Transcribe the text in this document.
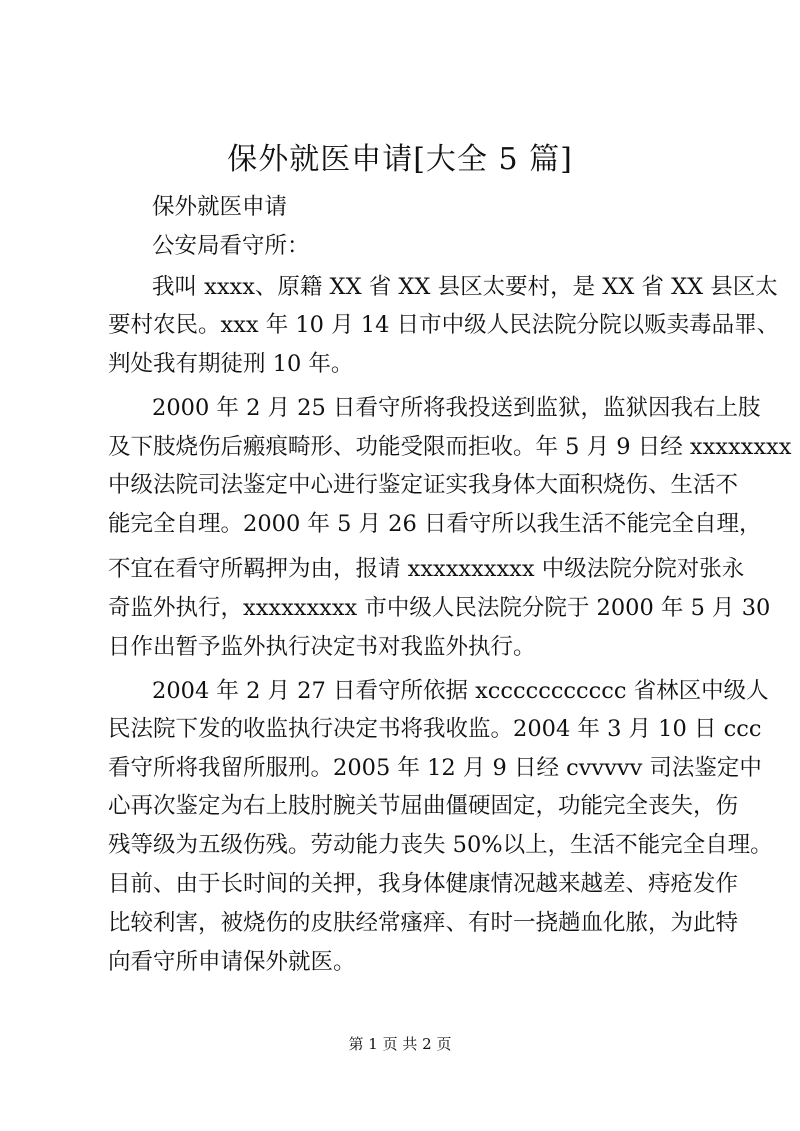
保外就医申请[大全 5 篇]
保外就医申请
公安局看守所：
我叫 xxxx、原籍 XX 省 XX 县区太要村，是 XX 省 XX 县区太
要村农民。xxx 年 10 月 14 日市中级人民法院分院以贩卖毒品罪、
判处我有期徒刑 10 年。
2000 年 2 月 25 日看守所将我投送到监狱，监狱因我右上肢
及下肢烧伤后瘢痕畸形、功能受限而拒收。年 5 月 9 日经 xxxxxxxx
中级法院司法鉴定中心进行鉴定证实我身体大面积烧伤、生活不
能完全自理。2000 年 5 月 26 日看守所以我生活不能完全自理，
不宜在看守所羁押为由，报请 xxxxxxxxxx 中级法院分院对张永
奇监外执行，xxxxxxxxx 市中级人民法院分院于 2000 年 5 月 30
日作出暂予监外执行决定书对我监外执行。
2004 年 2 月 27 日看守所依据 xccccccccccc 省林区中级人
民法院下发的收监执行决定书将我收监。2004 年 3 月 10 日 ccc
看守所将我留所服刑。2005 年 12 月 9 日经 cvvvvv 司法鉴定中
心再次鉴定为右上肢肘腕关节屈曲僵硬固定，功能完全丧失，伤
残等级为五级伤残。劳动能力丧失 50%以上，生活不能完全自理。
目前、由于长时间的关押，我身体健康情况越来越差、痔疮发作
比较利害，被烧伤的皮肤经常瘙痒、有时一挠趟血化脓，为此特
向看守所申请保外就医。
第 1 页 共 2 页
